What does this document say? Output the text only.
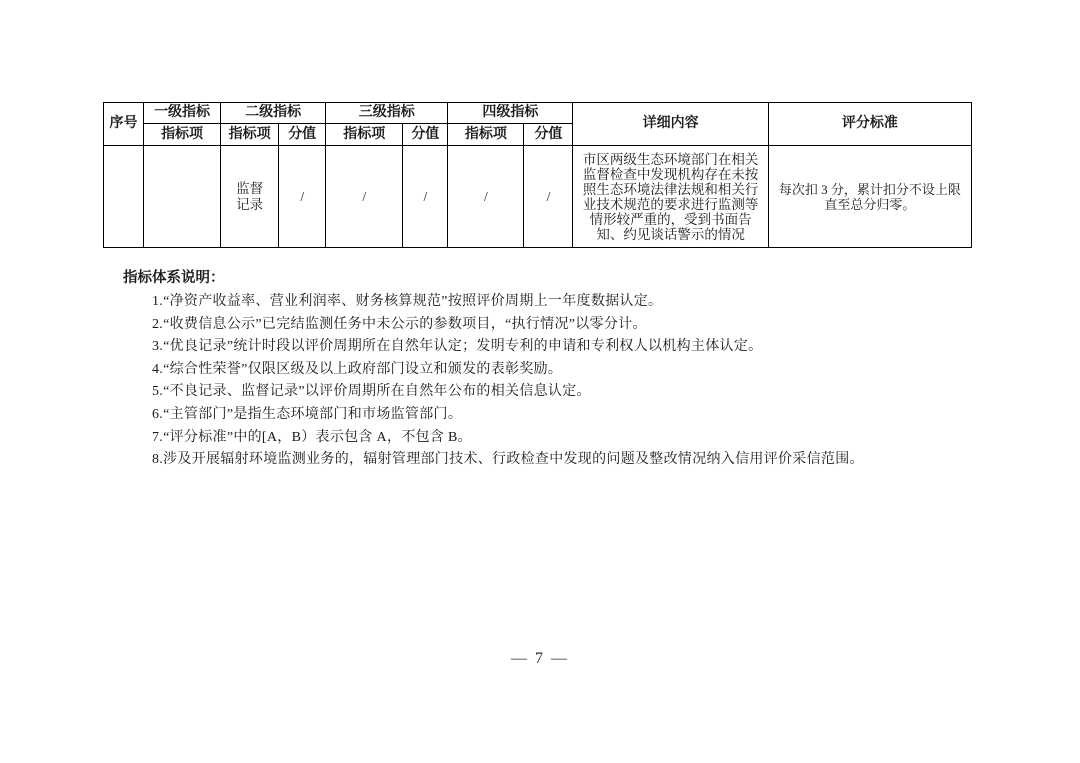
序号	一级指标	二级指标		三级指标		四级指标		详细内容	评分标准
	指标项	指标项	分值	指标项	分值	指标项	分值		
		监督记录	/	/	/	/	/	市区两级生态环境部门在相关监督检查中发现机构存在未按照生态环境法律法规和相关行业技术规范的要求进行监测等情形较严重的，受到书面告知、约见谈话警示的情况	每次扣 3 分，累计扣分不设上限直至总分归零。
指标体系说明：
1.“净资产收益率、营业利润率、财务核算规范”按照评价周期上一年度数据认定。
2.“收费信息公示”已完结监测任务中未公示的参数项目，“执行情况”以零分计。
3.“优良记录”统计时段以评价周期所在自然年认定；发明专利的申请和专利权人以机构主体认定。
4.“综合性荣誉”仅限区级及以上政府部门设立和颁发的表彰奖励。
5.“不良记录、监督记录”以评价周期所在自然年公布的相关信息认定。
6.“主管部门”是指生态环境部门和市场监管部门。
7.“评分标准”中的[A，B）表示包含 A，不包含 B。
8.涉及开展辐射环境监测业务的，辐射管理部门技术、行政检查中发现的问题及整改情况纳入信用评价采信范围。
— 7 —
